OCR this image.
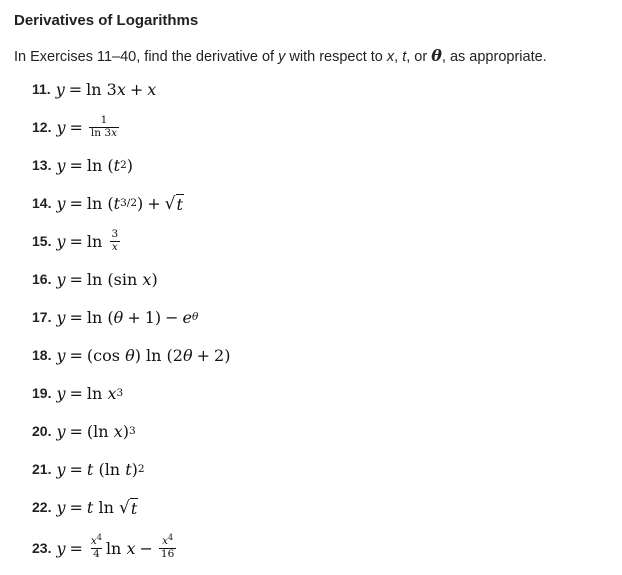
Derivatives of Logarithms
In Exercises 11–40, find the derivative of y with respect to x, t, or θ, as appropriate.
11. y = ln 3 x + x
12. $y = \frac{1}{\ln 3x}$
13. y = ln ( t 2 )
14. y = ln ( t 3/2 ) + √ t
15. y = ln
$\frac{3}{x}$
16. y = ln ( sin
x )
17. y = ln ( θ + 1) − e θ
18. y = ( cos
θ ) ln (2 θ + 2)
19. y = ln
x 3
20. y = ( ln
x ) 3
21. y = t ( ln
t ) 2
22. y = t
ln
√ t
23. $y = \frac{x^4}{4}$ ln
$x - \frac{x^4}{16}$
